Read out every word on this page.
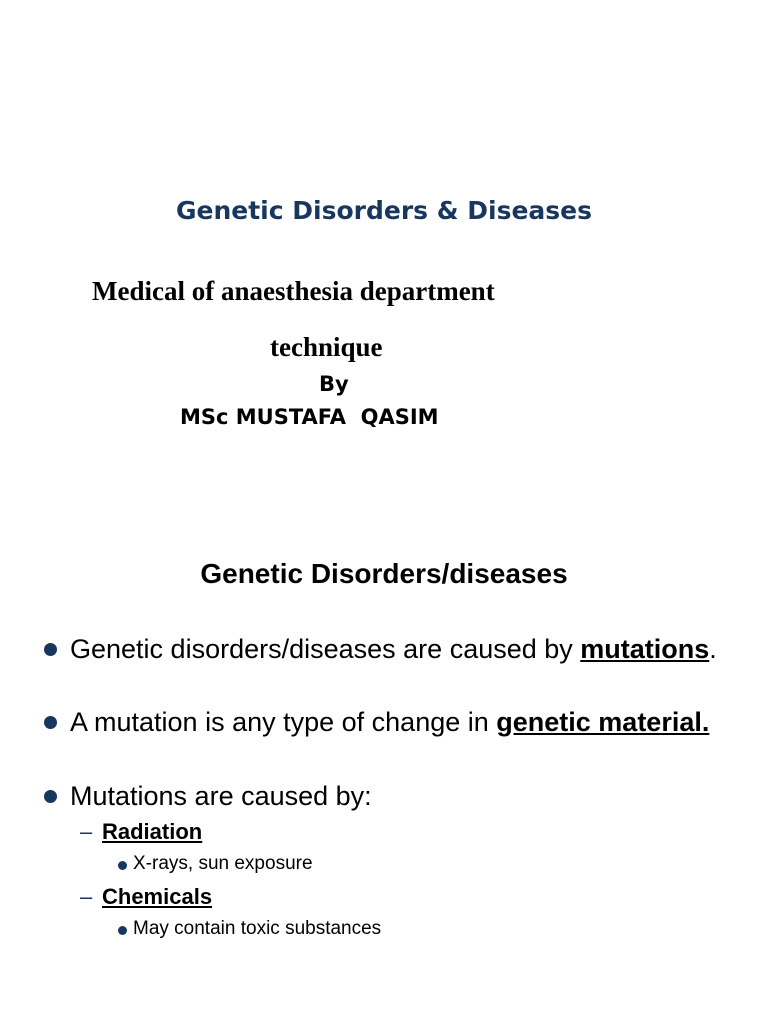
Genetic Disorders & Diseases
Medical of anaesthesia department
technique
By
MSc MUSTAFA  QASIM
Genetic Disorders/diseases
Genetic disorders/diseases are caused by mutations.
A mutation is any type of change in genetic material.
Mutations are caused by:
– Radiation
X-rays, sun exposure
– Chemicals
May contain toxic substances
